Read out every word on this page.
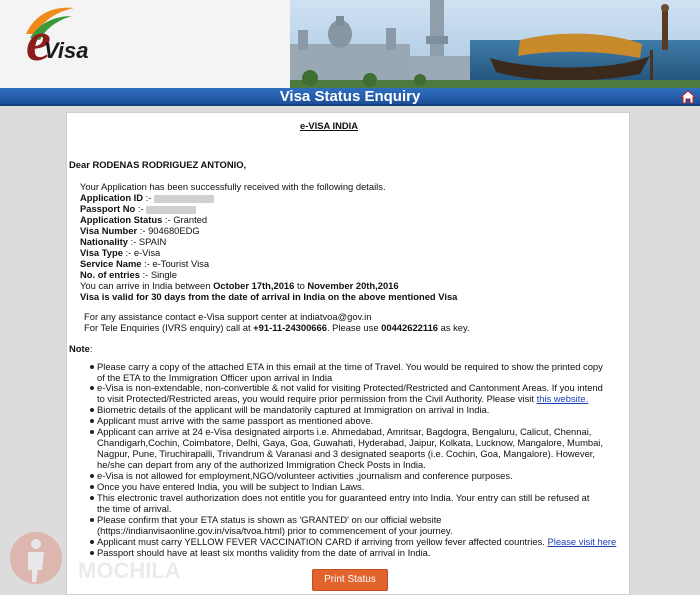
e
Visa
Visa Status Enquiry
e-VISA INDIA
Dear RODENAS RODRIGUEZ ANTONIO,
Your Application has been successfully received with the following details.
Application ID :-
Passport No :-
Application Status :- Granted
Visa Number :- 904680EDG
Nationality :- SPAIN
Visa Type :- e-Visa
Service Name :- e-Tourist Visa
No. of entries :- Single
You can arrive in India between October 17th,2016 to November 20th,2016
Visa is valid for 30 days from the date of arrival in India on the above mentioned Visa
For any assistance contact e-Visa support center at indiatvoa@gov.in
For Tele Enquiries (IVRS enquiry) call at +91-11-24300666. Please use 00442622116 as key.
Note:
Please carry a copy of the attached ETA in this email at the time of Travel. You would be required to show the printed copy
of the ETA to the Immigration Officer upon arrival in India
e-Visa is non-extendable, non-convertible & not valid for visiting Protected/Restricted and Cantonment Areas. If you intend
to visit Protected/Restricted areas, you would require prior permission from the Civil Authority. Please visit this website.
Biometric details of the applicant will be mandatorily captured at Immigration on arrival in India.
Applicant must arrive with the same passport as mentioned above.
Applicant can arrive at 24 e-Visa designated airports i.e. Ahmedabad, Amritsar, Bagdogra, Bengaluru, Calicut, Chennai,
Chandigarh,Cochin, Coimbatore, Delhi, Gaya, Goa, Guwahati, Hyderabad, Jaipur, Kolkata, Lucknow, Mangalore, Mumbai,
Nagpur, Pune, Tiruchirapalli, Trivandrum & Varanasi and 3 designated seaports (i.e. Cochin, Goa, Mangalore). However,
he/she can depart from any of the authorized Immigration Check Posts in India.
e-Visa is not allowed for employment,NGO/volunteer activities ,journalism and conference purposes.
Once you have entered India, you will be subject to Indian Laws.
This electronic travel authorization does not entitle you for guaranteed entry into India. Your entry can still be refused at
the time of arrival.
Please confirm that your ETA status is shown as 'GRANTED' on our official website
(https://indianvisaonline.gov.in/visa/tvoa.html) prior to commencement of your journey.
Applicant must carry YELLOW FEVER VACCINATION CARD if arriving from yellow fever affected countries. Please visit here
Passport should have at least six months validity from the date of arrival in India.
MOCHILA	Print Status
